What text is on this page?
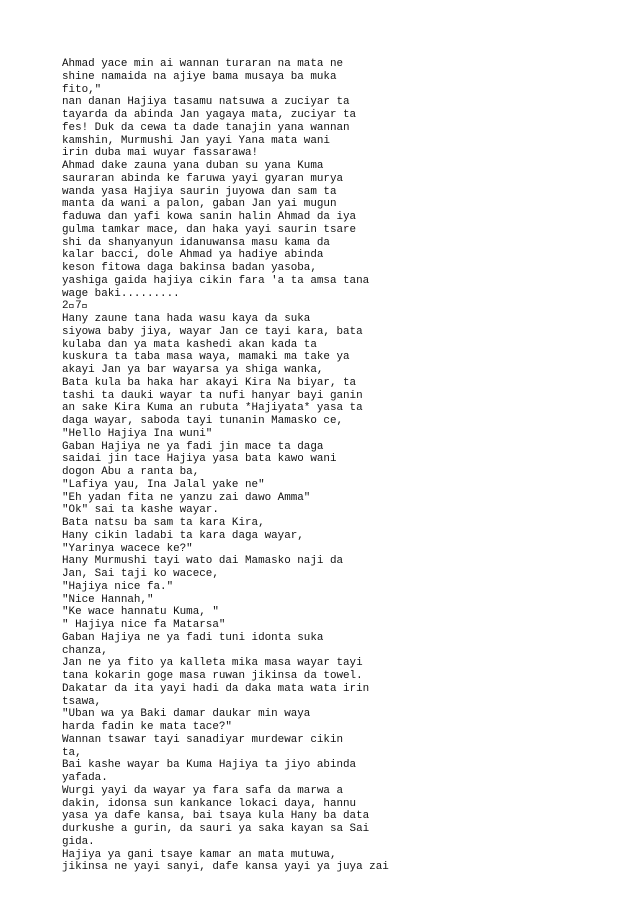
Ahmad yace min ai wannan turaran na mata ne
shine namaida na ajiye bama musaya ba muka
fito,"
nan danan Hajiya tasamu natsuwa a zuciyar ta
tayarda da abinda Jan yagaya mata, zuciyar ta
fes! Duk da cewa ta dade tanajin yana wannan
kamshin, Murmushi Jan yayi Yana mata wani
irin duba mai wuyar fassarawa!
Ahmad dake zauna yana duban su yana Kuma
sauraran abinda ke faruwa yayi gyaran murya
wanda yasa Hajiya saurin juyowa dan sam ta
manta da wani a palon, gaban Jan yai mugun
faduwa dan yafi kowa sanin halin Ahmad da iya
gulma tamkar mace, dan haka yayi saurin tsare
shi da shanyanyun idanuwansa masu kama da
kalar bacci, dole Ahmad ya hadiye abinda
keson fitowa daga bakinsa badan yasoba,
yashiga gaida hajiya cikin fara 'a ta amsa tana
wage baki.........
2⃣7⃣
Hany zaune tana hada wasu kaya da suka
siyowa baby jiya, wayar Jan ce tayi kara, bata
kulaba dan ya mata kashedi akan kada ta
kuskura ta taba masa waya, mamaki ma take ya
akayi Jan ya bar wayarsa ya shiga wanka,
Bata kula ba haka har akayi Kira Na biyar, ta
tashi ta dauki wayar ta nufi hanyar bayi ganin
an sake Kira Kuma an rubuta *Hajiyata* yasa ta
daga wayar, saboda tayi tunanin Mamasko ce,
"Hello Hajiya Ina wuni"
Gaban Hajiya ne ya fadi jin mace ta daga
saidai jin tace Hajiya yasa bata kawo wani
dogon Abu a ranta ba,
"Lafiya yau, Ina Jalal yake ne"
"Eh yadan fita ne yanzu zai dawo Amma"
"Ok" sai ta kashe wayar.
Bata natsu ba sam ta kara Kira,
Hany cikin ladabi ta kara daga wayar,
"Yarinya wacece ke?"
Hany Murmushi tayi wato dai Mamasko naji da
Jan, Sai taji ko wacece,
"Hajiya nice fa."
"Nice Hannah,"
"Ke wace hannatu Kuma, "
" Hajiya nice fa Matarsa"
Gaban Hajiya ne ya fadi tuni idonta suka
chanza,
Jan ne ya fito ya kalleta mika masa wayar tayi
tana kokarin goge masa ruwan jikinsa da towel.
Dakatar da ita yayi hadi da daka mata wata irin
tsawa,
"Uban wa ya Baki damar daukar min waya
harda fadin ke mata tace?"
Wannan tsawar tayi sanadiyar murdewar cikin
ta,
Bai kashe wayar ba Kuma Hajiya ta jiyo abinda
yafada.
Wurgi yayi da wayar ya fara safa da marwa a
dakin, idonsa sun kankance lokaci daya, hannu
yasa ya dafe kansa, bai tsaya kula Hany ba data
durkushe a gurin, da sauri ya saka kayan sa Sai
gida.
Hajiya ya gani tsaye kamar an mata mutuwa,
jikinsa ne yayi sanyi, dafe kansa yayi ya juya zai
